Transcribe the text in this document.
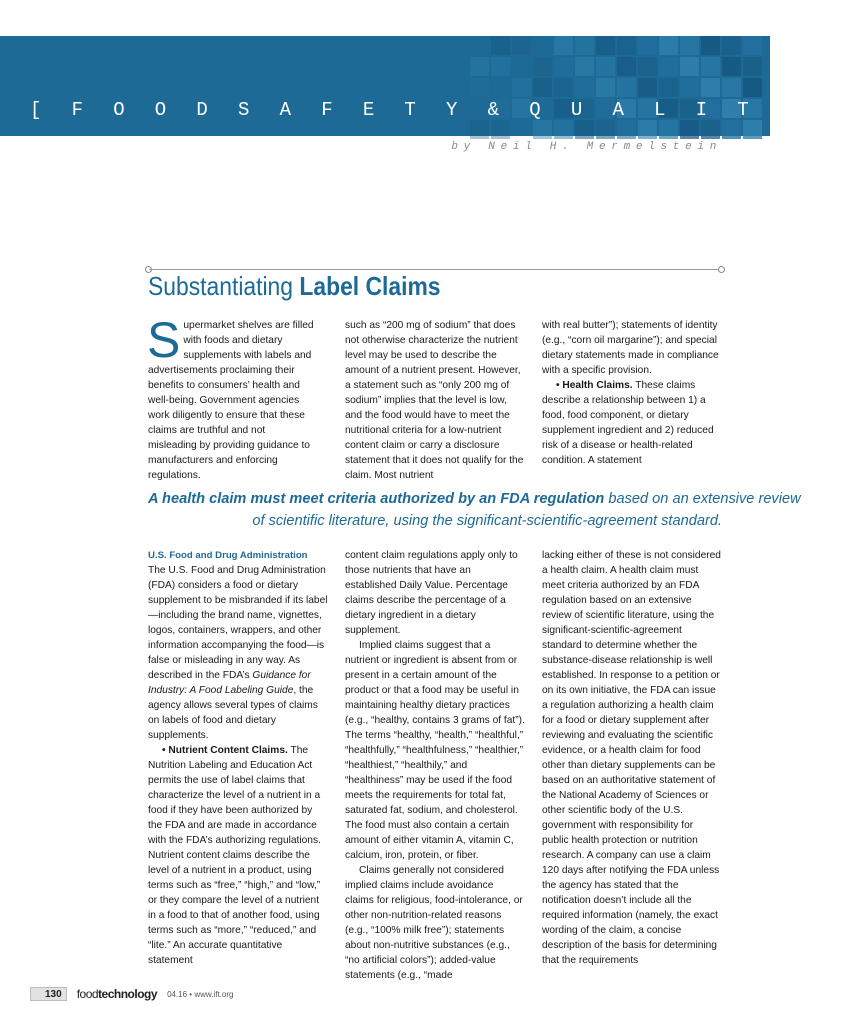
[ F O O D S A F E T Y & Q U A L I T Y ]
by Neil H. Mermelstein
Substantiating Label Claims

Supermarket shelves are filled with foods and dietary supplements with labels and advertisements proclaiming their benefits to consumers’ health and well-being. Government agencies work diligently to ensure that these claims are truthful and not misleading by providing guidance to manufacturers and enforcing regulations.

such as “200 mg of sodium” that does not otherwise characterize the nutrient level may be used to describe the amount of a nutrient present. However, a statement such as “only 200 mg of sodium” implies that the level is low, and the food would have to meet the nutritional criteria for a low-nutrient content claim or carry a disclosure statement that it does not qualify for the claim. Most nutrient

with real butter”); statements of identity (e.g., “corn oil margarine”); and special dietary statements made in compliance with a specific provision.

• Health Claims. These claims describe a relationship between 1) a food, food component, or dietary supplement ingredient and 2) reduced risk of a disease or health-related condition. A statement

A health claim must meet criteria authorized by an FDA regulation based on an extensive review
of scientific literature, using the significant-scientific-agreement standard.

U.S. Food and Drug Administration

The U.S. Food and Drug Administration (FDA) considers a food or dietary supplement to be misbranded if its label—including the brand name, vignettes, logos, containers, wrappers, and other information accompanying the food—is false or misleading in any way. As described in the FDA’s Guidance for Industry: A Food Labeling Guide, the agency allows several types of claims on labels of food and dietary supplements.

• Nutrient Content Claims. The Nutrition Labeling and Education Act permits the use of label claims that characterize the level of a nutrient in a food if they have been authorized by the FDA and are made in accordance with the FDA’s authorizing regulations. Nutrient content claims describe the level of a nutrient in a product, using terms such as “free,” “high,” and “low,” or they compare the level of a nutrient in a food to that of another food, using terms such as “more,” “reduced,” and “lite.” An accurate quantitative statement

content claim regulations apply only to those nutrients that have an established Daily Value. Percentage claims describe the percentage of a dietary ingredient in a dietary supplement.

Implied claims suggest that a nutrient or ingredient is absent from or present in a certain amount of the product or that a food may be useful in maintaining healthy dietary practices (e.g., “healthy, contains 3 grams of fat”). The terms “healthy, “health,” “healthful,” “healthfully,” “healthfulness,” “healthier,” “healthiest,” “healthily,” and “healthiness” may be used if the food meets the requirements for total fat, saturated fat, sodium, and cholesterol. The food must also contain a certain amount of either vitamin A, vitamin C, calcium, iron, protein, or fiber.

Claims generally not considered implied claims include avoidance claims for religious, food-intolerance, or other non-nutrition-related reasons (e.g., “100% milk free”); statements about non-nutritive substances (e.g., “no artificial colors”); added-value statements (e.g., “made

lacking either of these is not considered a health claim. A health claim must meet criteria authorized by an FDA regulation based on an extensive review of scientific literature, using the significant-scientific-agreement standard to determine whether the substance-disease relationship is well established. In response to a petition or on its own initiative, the FDA can issue a regulation authorizing a health claim for a food or dietary supplement after reviewing and evaluating the scientific evidence, or a health claim for food other than dietary supplements can be based on an authoritative statement of the National Academy of Sciences or other scientific body of the U.S. government with responsibility for public health protection or nutrition research. A company can use a claim 120 days after notifying the FDA unless the agency has stated that the notification doesn’t include all the required information (namely, the exact wording of the claim, a concise description of the basis for determining that the requirements

130	foodtechnology 04.16 • www.ift.org
